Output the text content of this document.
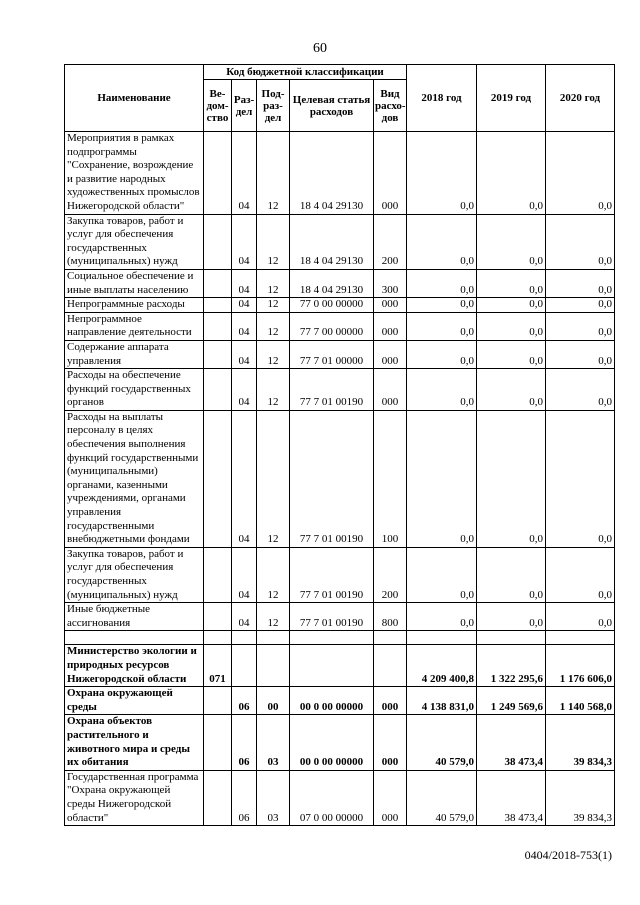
60
Наименование	Код бюджетной классификации					2018 год	2019 год	2020 год
	Ве-
дом-
ство	Раз-
дел	Под-
раз-
дел	Целевая статья
расходов	Вид
расхо-
дов			
Мероприятия в рамках подпрограммы "Сохранение, возрождение и развитие народных художественных промыслов Нижегородской области"		04	12	18 4 04 29130	000	0,0	0,0	0,0
Закупка товаров, работ и услуг для обеспечения государственных (муниципальных) нужд		04	12	18 4 04 29130	200	0,0	0,0	0,0
Социальное обеспечение и иные выплаты населению		04	12	18 4 04 29130	300	0,0	0,0	0,0
Непрограммные расходы		04	12	77 0 00 00000	000	0,0	0,0	0,0
Непрограммное направление деятельности		04	12	77 7 00 00000	000	0,0	0,0	0,0
Содержание аппарата управления		04	12	77 7 01 00000	000	0,0	0,0	0,0
Расходы на обеспечение функций государственных органов		04	12	77 7 01 00190	000	0,0	0,0	0,0
Расходы на выплаты персоналу в целях обеспечения выполнения функций государственными (муниципальными) органами, казенными учреждениями, органами управления государственными внебюджетными фондами		04	12	77 7 01 00190	100	0,0	0,0	0,0
Закупка товаров, работ и услуг для обеспечения государственных (муниципальных) нужд		04	12	77 7 01 00190	200	0,0	0,0	0,0
Иные бюджетные ассигнования		04	12	77 7 01 00190	800	0,0	0,0	0,0

Министерство экологии и природных ресурсов Нижегородской области	071					4 209 400,8	1 322 295,6	1 176 606,0
Охрана окружающей среды		06	00	00 0 00 00000	000	4 138 831,0	1 249 569,6	1 140 568,0
Охрана объектов растительного и животного мира и среды их обитания		06	03	00 0 00 00000	000	40 579,0	38 473,4	39 834,3
Государственная программа "Охрана окружающей среды Нижегородской области"		06	03	07 0 00 00000	000	40 579,0	38 473,4	39 834,3
0404/2018-753(1)
